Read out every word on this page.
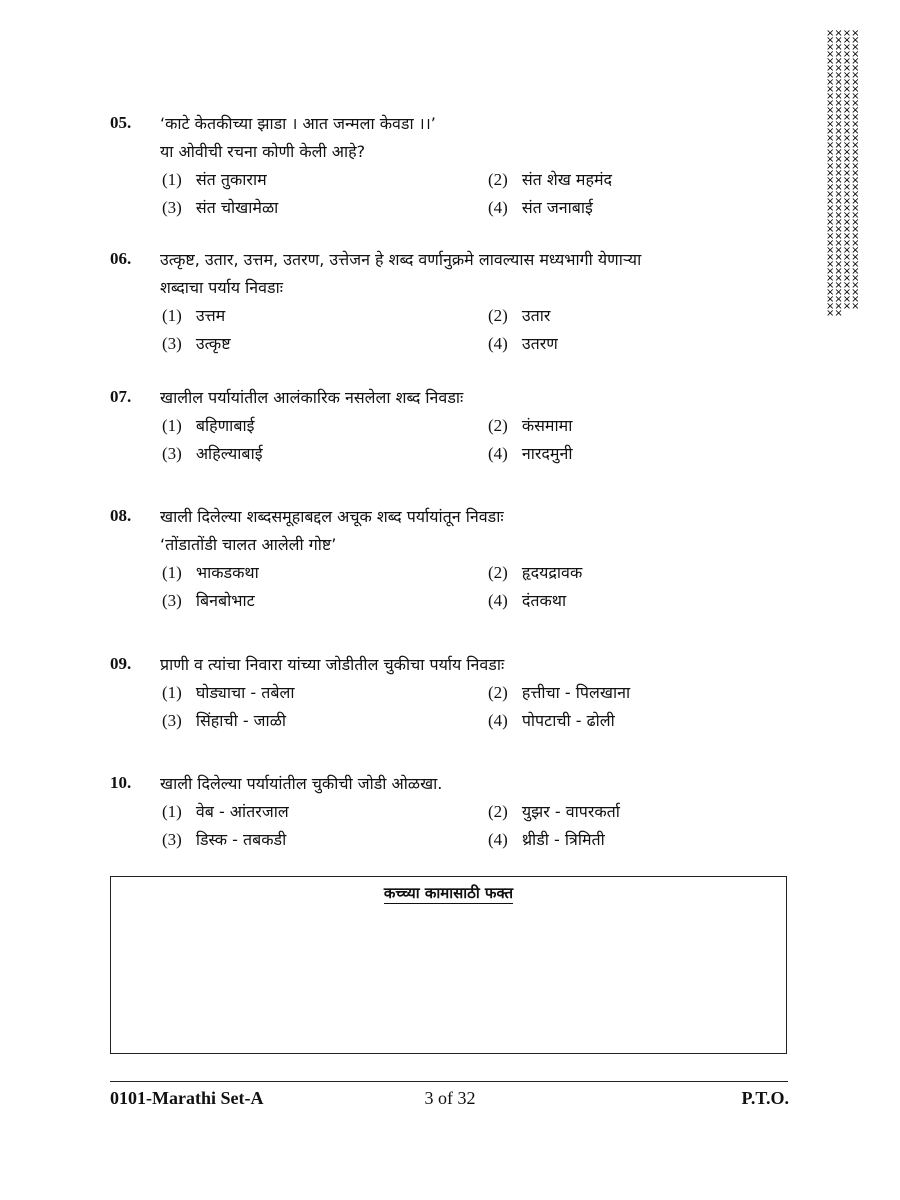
××××××××××××××××××××××××××××××××××××××××××××××××××××××××××××××××××××××××××××××××××××××××××××××××××××××××××××××××××××××××××××××××××××××××××××××××××××××××××××××××××
05. ‘काटे केतकीच्या झाडा । आत जन्मला केवडा ।।’
या ओवीची रचना कोणी केली आहे?
(1) संत तुकाराम	(2) संत शेख महमंद
(3) संत चोखामेळा	(4) संत जनाबाई
06. उत्कृष्ट, उतार, उत्तम, उतरण, उत्तेजन हे शब्द वर्णानुक्रमे लावल्यास मध्यभागी येणाऱ्या
शब्दाचा पर्याय निवडाः
(1) उत्तम	(2) उतार
(3) उत्कृष्ट	(4) उतरण
07. खालील पर्यायांतील आलंकारिक नसलेला शब्द निवडाः
(1) बहिणाबाई	(2) कंसमामा
(3) अहिल्याबाई	(4) नारदमुनी
08. खाली दिलेल्या शब्दसमूहाबद्दल अचूक शब्द पर्यायांतून निवडाः
‘तोंडातोंडी चालत आलेली गोष्ट’
(1) भाकडकथा	(2) हृदयद्रावक
(3) बिनबोभाट	(4) दंतकथा
09. प्राणी व त्यांचा निवारा यांच्या जोडीतील चुकीचा पर्याय निवडाः
(1) घोड्याचा - तबेला	(2) हत्तीचा - पिलखाना
(3) सिंहाची - जाळी	(4) पोपटाची - ढोली
10. खाली दिलेल्या पर्यायांतील चुकीची जोडी ओळखा.
(1) वेब - आंतरजाल	(2) युझर - वापरकर्ता
(3) डिस्क - तबकडी	(4) थ्रीडी - त्रिमिती
कच्च्या कामासाठी फक्त
0101-Marathi Set-A	3 of 32	P.T.O.
